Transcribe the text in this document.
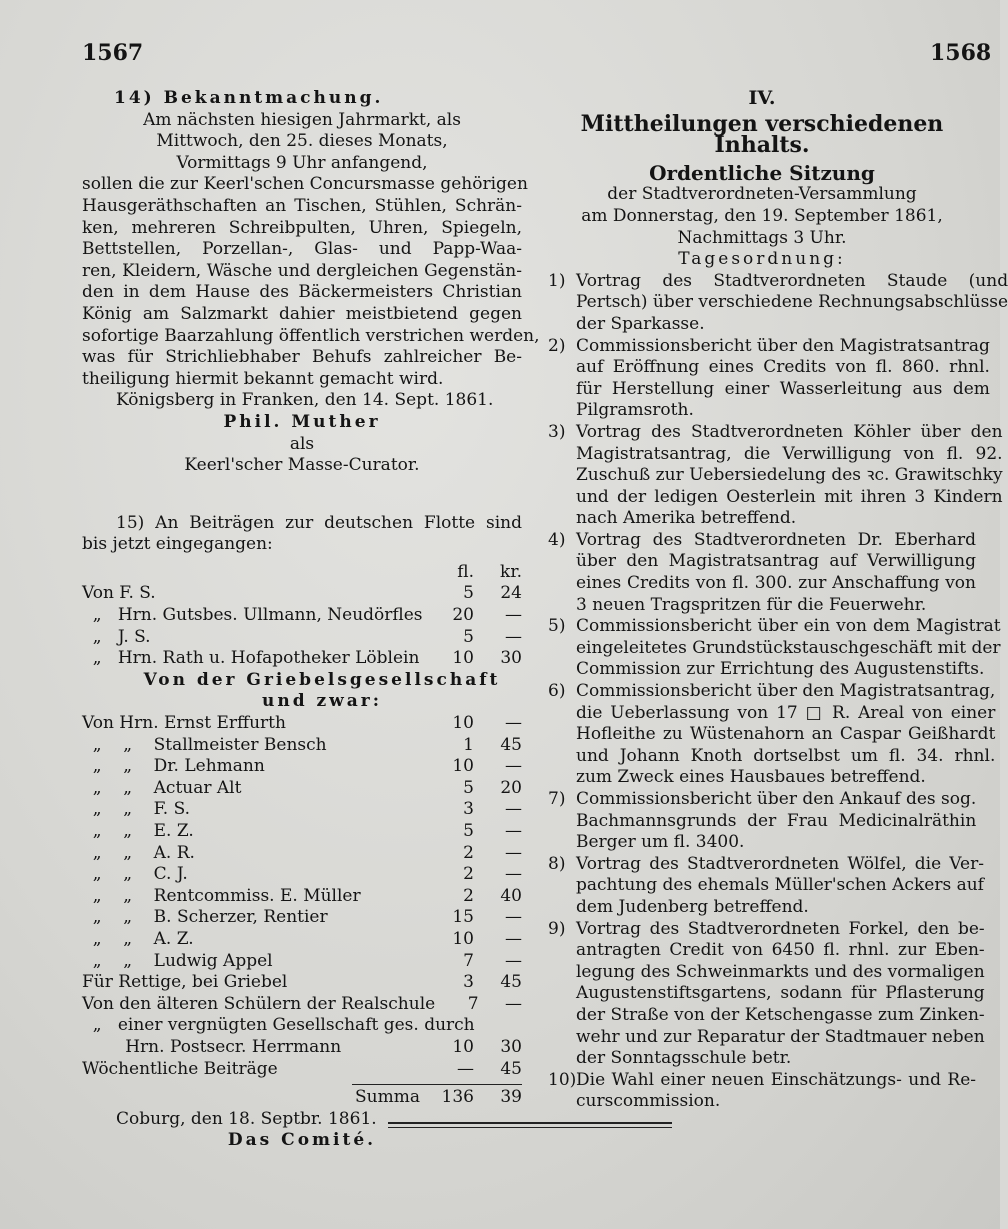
1567	1568
14) Bekanntmachung.
Am nächsten hiesigen Jahrmarkt, als
Mittwoch, den 25. dieses Monats,
Vormittags 9 Uhr anfangend,
sollen die zur Keerl'schen Concursmasse gehörigen
Hausgeräthschaften an Tischen, Stühlen, Schrän-
ken, mehreren Schreibpulten, Uhren, Spiegeln,
Bettstellen, Porzellan-, Glas- und Papp-Waa-
ren, Kleidern, Wäsche und dergleichen Gegenstän-
den in dem Hause des Bäckermeisters Christian
König am Salzmarkt dahier meistbietend gegen
sofortige Baarzahlung öffentlich verstrichen werden,
was für Strichliebhaber Behufs zahlreicher Be-
theiligung hiermit bekannt gemacht wird.
Königsberg in Franken, den 14. Sept. 1861.
Phil. Muther
als
Keerl'scher Masse-Curator.
15) An Beiträgen zur deutschen Flotte sind
bis jetzt eingegangen:
fl.	kr.
Von F. S.	5	24
„   Hrn. Gutsbes. Ullmann, Neudörfles	20	—
„   J. S.	5	—
„   Hrn. Rath u. Hofapotheker Löblein	10	30
Von der Griebelsgesellschaft
und zwar:
Von Hrn. Ernst Erffurth	10	—
„    „    Stallmeister Bensch	1	45
„    „    Dr. Lehmann	10	—
„    „    Actuar Alt	5	20
„    „    F. S.	3	—
„    „    E. Z.	5	—
„    „    A. R.	2	—
„    „    C. J.	2	—
„    „    Rentcommiss. E. Müller	2	40
„    „    B. Scherzer, Rentier	15	—
„    „    A. Z.	10	—
„    „    Ludwig Appel	7	—
Für Rettige, bei Griebel	3	45
Von den älteren Schülern der Realschule	7	—
„   einer vergnügten Gesellschaft ges. durch
Hrn. Postsecr. Herrmann	10	30
Wöchentliche Beiträge	—	45
Summa	136	39
Coburg, den 18. Septbr. 1861.
Das Comité.
IV.
Mittheilungen verschiedenen Inhalts.
Ordentliche Sitzung
der Stadtverordneten-Versammlung
am Donnerstag, den 19. September 1861,
Nachmittags 3 Uhr.
Tagesordnung:
1) Vortrag des Stadtverordneten Staude (und
Pertsch) über verschiedene Rechnungsabschlüsse
der Sparkasse.
2) Commissionsbericht über den Magistratsantrag
auf Eröffnung eines Credits von fl. 860. rhnl.
für Herstellung einer Wasserleitung aus dem
Pilgramsroth.
3) Vortrag des Stadtverordneten Köhler über den
Magistratsantrag, die Verwilligung von fl. 92.
Zuschuß zur Uebersiedelung des ꝛc. Grawitschky
und der ledigen Oesterlein mit ihren 3 Kindern
nach Amerika betreffend.
4) Vortrag des Stadtverordneten Dr. Eberhard
über den Magistratsantrag auf Verwilligung
eines Credits von fl. 300. zur Anschaffung von
3 neuen Tragspritzen für die Feuerwehr.
5) Commissionsbericht über ein von dem Magistrat
eingeleitetes Grundstückstauschgeschäft mit der
Commission zur Errichtung des Augustenstifts.
6) Commissionsbericht über den Magistratsantrag,
die Ueberlassung von 17 □ R. Areal von einer
Hofleithe zu Wüstenahorn an Caspar Geißhardt
und Johann Knoth dortselbst um fl. 34. rhnl.
zum Zweck eines Hausbaues betreffend.
7) Commissionsbericht über den Ankauf des sog.
Bachmannsgrunds der Frau Medicinalräthin
Berger um fl. 3400.
8) Vortrag des Stadtverordneten Wölfel, die Ver-
pachtung des ehemals Müller'schen Ackers auf
dem Judenberg betreffend.
9) Vortrag des Stadtverordneten Forkel, den be-
antragten Credit von 6450 fl. rhnl. zur Eben-
legung des Schweinmarkts und des vormaligen
Augustenstiftsgartens, sodann für Pflasterung
der Straße von der Ketschengasse zum Zinken-
wehr und zur Reparatur der Stadtmauer neben
der Sonntagsschule betr.
10) Die Wahl einer neuen Einschätzungs- und Re-
curscommission.
